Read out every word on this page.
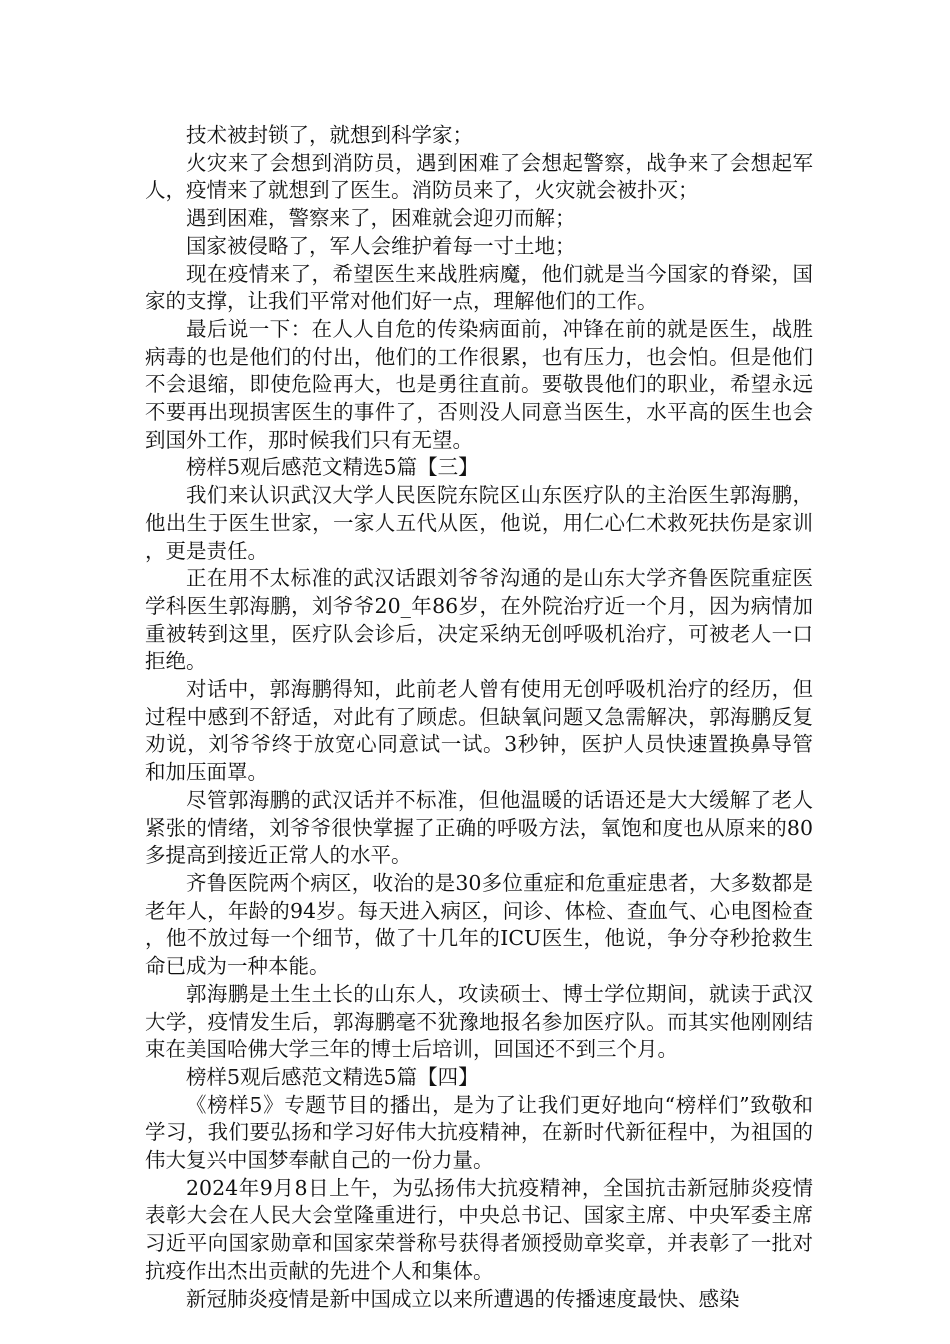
技术被封锁了，就想到科学家；

火灾来了会想到消防员，遇到困难了会想起警察，战争来了会想起军人，疫情来了就想到了医生。消防员来了，火灾就会被扑灭；

遇到困难，警察来了，困难就会迎刃而解；

国家被侵略了，军人会维护着每一寸土地；

现在疫情来了，希望医生来战胜病魔，他们就是当今国家的脊梁，国家的支撑，让我们平常对他们好一点，理解他们的工作。

最后说一下：在人人自危的传染病面前，冲锋在前的就是医生，战胜病毒的也是他们的付出，他们的工作很累，也有压力，也会怕。但是他们不会退缩，即使危险再大，也是勇往直前。要敬畏他们的职业，希望永远不要再出现损害医生的事件了，否则没人同意当医生，水平高的医生也会到国外工作，那时候我们只有无望。

榜样5观后感范文精选5篇【三】

我们来认识武汉大学人民医院东院区山东医疗队的主治医生郭海鹏，他出生于医生世家，一家人五代从医，他说，用仁心仁术救死扶伤是家训，更是责任。

正在用不太标准的武汉话跟刘爷爷沟通的是山东大学齐鲁医院重症医学科医生郭海鹏，刘爷爷20_年86岁，在外院治疗近一个月，因为病情加重被转到这里，医疗队会诊后，决定采纳无创呼吸机治疗，可被老人一口拒绝。

对话中，郭海鹏得知，此前老人曾有使用无创呼吸机治疗的经历，但过程中感到不舒适，对此有了顾虑。但缺氧问题又急需解决，郭海鹏反复劝说，刘爷爷终于放宽心同意试一试。3秒钟，医护人员快速置换鼻导管和加压面罩。

尽管郭海鹏的武汉话并不标准，但他温暖的话语还是大大缓解了老人紧张的情绪，刘爷爷很快掌握了正确的呼吸方法，氧饱和度也从原来的80多提高到接近正常人的水平。

齐鲁医院两个病区，收治的是30多位重症和危重症患者，大多数都是老年人，年龄的94岁。每天进入病区，问诊、体检、查血气、心电图检查，他不放过每一个细节，做了十几年的ICU医生，他说，争分夺秒抢救生命已成为一种本能。

郭海鹏是土生土长的山东人，攻读硕士、博士学位期间，就读于武汉大学，疫情发生后，郭海鹏毫不犹豫地报名参加医疗队。而其实他刚刚结束在美国哈佛大学三年的博士后培训，回国还不到三个月。

榜样5观后感范文精选5篇【四】

《榜样5》专题节目的播出，是为了让我们更好地向“榜样们”致敬和学习，我们要弘扬和学习好伟大抗疫精神，在新时代新征程中，为祖国的伟大复兴中国梦奉献自己的一份力量。

2024年9月8日上午，为弘扬伟大抗疫精神，全国抗击新冠肺炎疫情表彰大会在人民大会堂隆重进行，中央总书记、国家主席、中央军委主席习近平向国家勋章和国家荣誉称号获得者颁授勋章奖章，并表彰了一批对抗疫作出杰出贡献的先进个人和集体。

新冠肺炎疫情是新中国成立以来所遭遇的传播速度最快、感染
